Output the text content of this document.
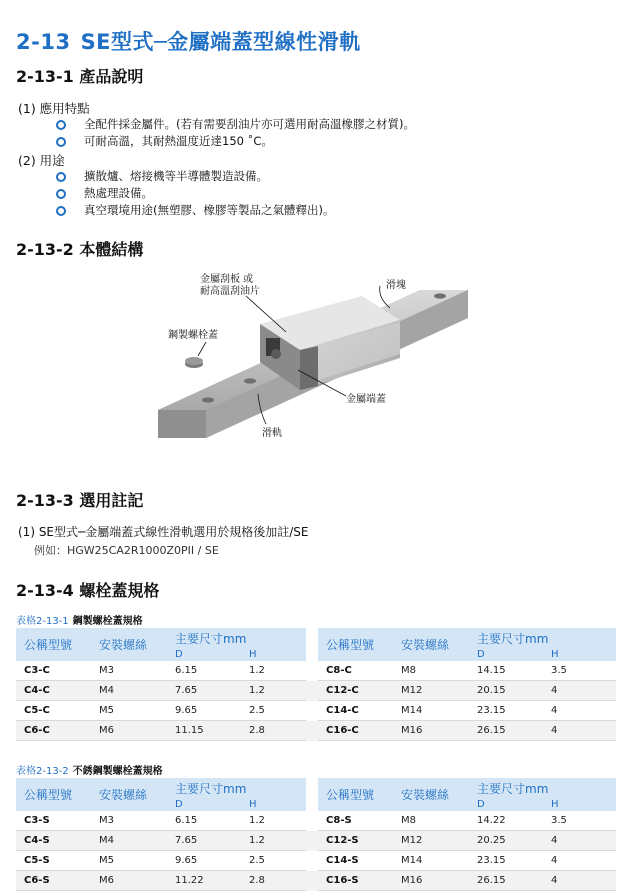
2-13 SE型式─金屬端蓋型線性滑軌
2-13-1 產品說明

(1) 應用特點

全配件採金屬件。(若有需要刮油片亦可選用耐高溫橡膠之材質)。
可耐高溫，其耐熱溫度近達150 ˚C。

(2) 用途

擴散爐、熔接機等半導體製造設備。
熱處理設備。
真空環境用途(無塑膠、橡膠等製品之氣體釋出)。
2-13-2 本體結構
金屬刮板 或
耐高溫刮油片
滑塊
鋼製螺栓蓋
金屬端蓋
滑軌
2-13-3 選用註記

(1) SE型式─金屬端蓋式線性滑軌選用於規格後加註/SE

例如：HGW25CA2R1000Z0PII / SE

2-13-4 螺栓蓋規格

表格2-13-1 鋼製螺栓蓋規格

公稱型號	安裝螺絲	主要尺寸mm			公稱型號	安裝螺絲	主要尺寸mm	
		D	H				D	H
C3-C	M3	6.15	1.2		C8-C	M8	14.15	3.5
C4-C	M4	7.65	1.2		C12-C	M12	20.15	4
C5-C	M5	9.65	2.5		C14-C	M14	23.15	4
C6-C	M6	11.15	2.8		C16-C	M16	26.15	4

表格2-13-2 不銹鋼製螺栓蓋規格

公稱型號	安裝螺絲	主要尺寸mm			公稱型號	安裝螺絲	主要尺寸mm	
		D	H				D	H
C3-S	M3	6.15	1.2		C8-S	M8	14.22	3.5
C4-S	M4	7.65	1.2		C12-S	M12	20.25	4
C5-S	M5	9.65	2.5		C14-S	M14	23.15	4
C6-S	M6	11.22	2.8		C16-S	M16	26.15	4
